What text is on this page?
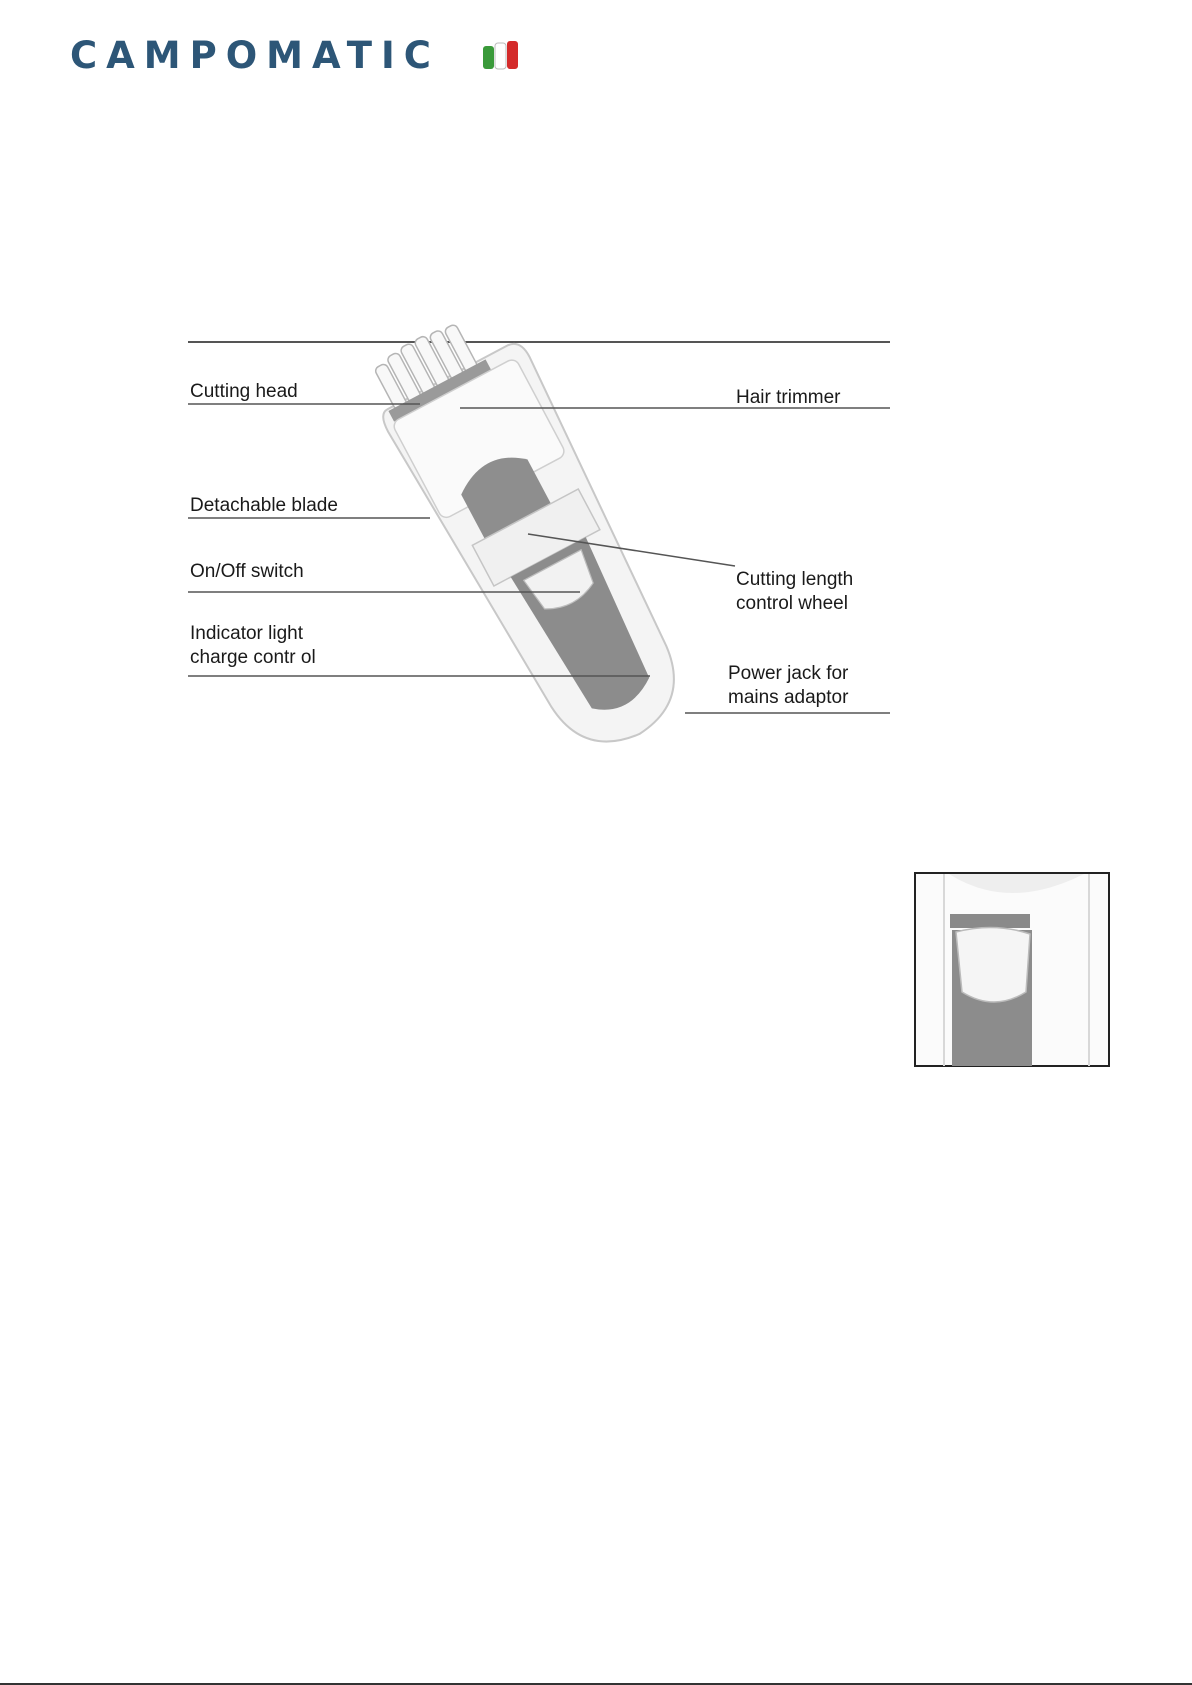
CAMPOMATIC
Cutting head	Hair trimmer
Detachable blade
On/Off switch	Cutting length
control wheel
Indicator light
charge contr ol
Power jack for
mains adaptor
